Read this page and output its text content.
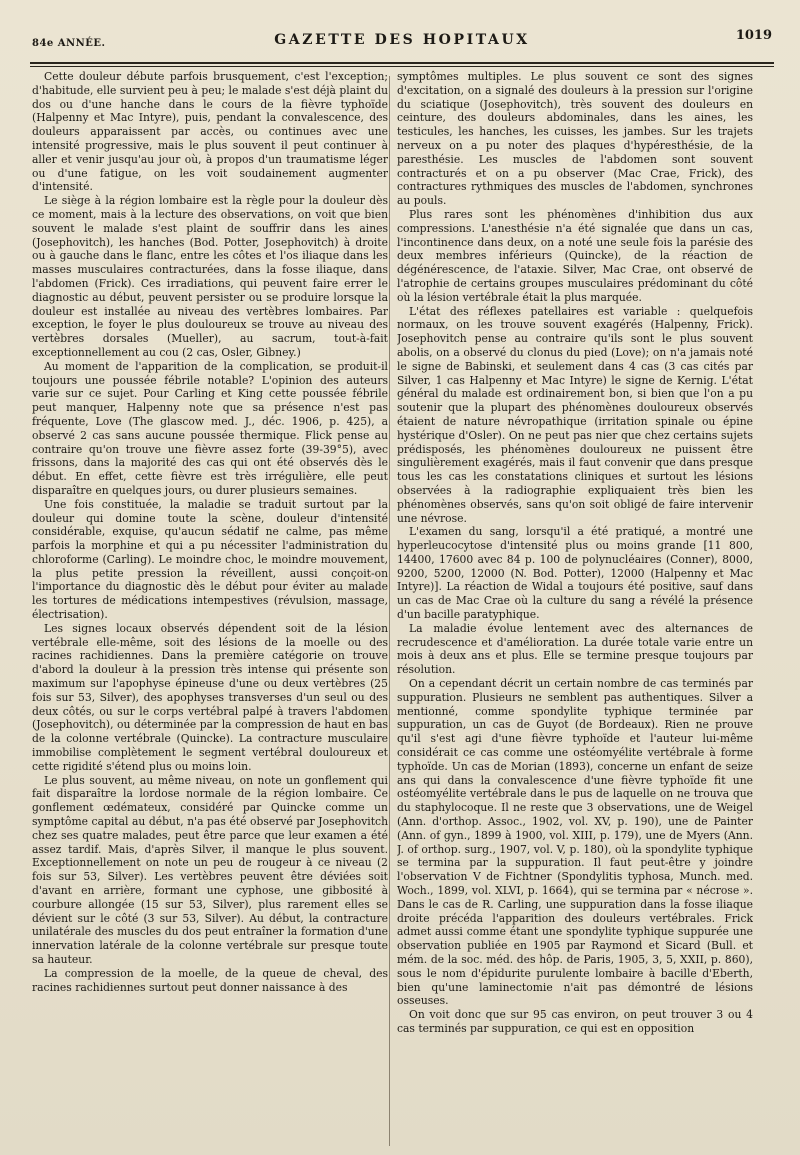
84e ANNÉE.	GAZETTE DES HOPITAUX	1019

Cette douleur débute parfois brusquement, c'est l'exception; d'habitude, elle survient peu à peu; le malade s'est déjà plaint du dos ou d'une hanche dans le cours de la fièvre typhoïde (Halpenny et Mac Intyre), puis, pendant la convalescence, des douleurs apparaissent par accès, ou continues avec une intensité progressive, mais le plus souvent il peut continuer à aller et venir jusqu'au jour où, à propos d'un traumatisme léger ou d'une fatigue, on les voit soudainement augmenter d'intensité.

Le siège à la région lombaire est la règle pour la douleur dès ce moment, mais à la lecture des observations, on voit que bien souvent le malade s'est plaint de souffrir dans les aines (Josephovitch), les hanches (Bod. Potter, Josephovitch) à droite ou à gauche dans le flanc, entre les côtes et l'os iliaque dans les masses musculaires contracturées, dans la fosse iliaque, dans l'abdomen (Frick). Ces irradiations, qui peuvent faire errer le diagnostic au début, peuvent persister ou se produire lorsque la douleur est installée au niveau des vertèbres lombaires. Par exception, le foyer le plus douloureux se trouve au niveau des vertèbres dorsales (Mueller), au sacrum, tout-à-fait exceptionnellement au cou (2 cas, Osler, Gibney.)

Au moment de l'apparition de la complication, se produit-il toujours une poussée fébrile notable? L'opinion des auteurs varie sur ce sujet. Pour Carling et King cette poussée fébrile peut manquer, Halpenny note que sa présence n'est pas fréquente, Love (The glascow med. J., déc. 1906, p. 425), a observé 2 cas sans aucune poussée thermique. Flick pense au contraire qu'on trouve une fièvre assez forte (39-39°5), avec frissons, dans la majorité des cas qui ont été observés dès le début. En effet, cette fièvre est très irrégulière, elle peut disparaître en quelques jours, ou durer plusieurs semaines.

Une fois constituée, la maladie se traduit surtout par la douleur qui domine toute la scène, douleur d'intensité considérable, exquise, qu'aucun sédatif ne calme, pas même parfois la morphine et qui a pu nécessiter l'administration du chloroforme (Carling). Le moindre choc, le moindre mouvement, la plus petite pression la réveillent, aussi conçoit-on l'importance du diagnostic dès le début pour éviter au malade les tortures de médications intempestives (révulsion, massage, électrisation).

Les signes locaux observés dépendent soit de la lésion vertébrale elle-même, soit des lésions de la moelle ou des racines rachidiennes. Dans la première catégorie on trouve d'abord la douleur à la pression très intense qui présente son maximum sur l'apophyse épineuse d'une ou deux vertèbres (25 fois sur 53, Silver), des apophyses transverses d'un seul ou des deux côtés, ou sur le corps vertébral palpé à travers l'abdomen (Josephovitch), ou déterminée par la compression de haut en bas de la colonne vertébrale (Quincke). La contracture musculaire immobilise complètement le segment vertébral douloureux et cette rigidité s'étend plus ou moins loin.

Le plus souvent, au même niveau, on note un gonflement qui fait disparaître la lordose normale de la région lombaire. Ce gonflement œdémateux, considéré par Quincke comme un symptôme capital au début, n'a pas été observé par Josephovitch chez ses quatre malades, peut être parce que leur examen a été assez tardif. Mais, d'après Silver, il manque le plus souvent. Exceptionnellement on note un peu de rougeur à ce niveau (2 fois sur 53, Silver). Les vertèbres peuvent être déviées soit d'avant en arrière, formant une cyphose, une gibbosité à courbure allongée (15 sur 53, Silver), plus rarement elles se dévient sur le côté (3 sur 53, Silver). Au début, la contracture unilatérale des muscles du dos peut entraîner la formation d'une innervation latérale de la colonne vertébrale sur presque toute sa hauteur.

La compression de la moelle, de la queue de cheval, des racines rachidiennes surtout peut donner naissance à des

symptômes multiples. Le plus souvent ce sont des signes d'excitation, on a signalé des douleurs à la pression sur l'origine du sciatique (Josephovitch), très souvent des douleurs en ceinture, des douleurs abdominales, dans les aines, les testicules, les hanches, les cuisses, les jambes. Sur les trajets nerveux on a pu noter des plaques d'hypéresthésie, de la paresthésie. Les muscles de l'abdomen sont souvent contracturés et on a pu observer (Mac Crae, Frick), des contractures rythmiques des muscles de l'abdomen, synchrones au pouls.

Plus rares sont les phénomènes d'inhibition dus aux compressions. L'anesthésie n'a été signalée que dans un cas, l'incontinence dans deux, on a noté une seule fois la parésie des deux membres inférieurs (Quincke), de la réaction de dégénérescence, de l'ataxie. Silver, Mac Crae, ont observé de l'atrophie de certains groupes musculaires prédominant du côté où la lésion vertébrale était la plus marquée.

L'état des réflexes patellaires est variable : quelquefois normaux, on les trouve souvent exagérés (Halpenny, Frick). Josephovitch pense au contraire qu'ils sont le plus souvent abolis, on a observé du clonus du pied (Love); on n'a jamais noté le signe de Babinski, et seulement dans 4 cas (3 cas cités par Silver, 1 cas Halpenny et Mac Intyre) le signe de Kernig. L'état général du malade est ordinairement bon, si bien que l'on a pu soutenir que la plupart des phénomènes douloureux observés étaient de nature névropathique (irritation spinale ou épine hystérique d'Osler). On ne peut pas nier que chez certains sujets prédisposés, les phénomènes douloureux ne puissent être singulièrement exagérés, mais il faut convenir que dans presque tous les cas les constatations cliniques et surtout les lésions observées à la radiographie expliquaient très bien les phénomènes observés, sans qu'on soit obligé de faire intervenir une névrose.

L'examen du sang, lorsqu'il a été pratiqué, a montré une hyperleucocytose d'intensité plus ou moins grande [11 800, 14400, 17600 avec 84 p. 100 de polynucléaires (Conner), 8000, 9200, 5200, 12000 (N. Bod. Potter), 12000 (Halpenny et Mac Intyre)]. La réaction de Widal a toujours été positive, sauf dans un cas de Mac Crae où la culture du sang a révélé la présence d'un bacille paratyphique.

La maladie évolue lentement avec des alternances de recrudescence et d'amélioration. La durée totale varie entre un mois à deux ans et plus. Elle se termine presque toujours par résolution.

On a cependant décrit un certain nombre de cas terminés par suppuration. Plusieurs ne semblent pas authentiques. Silver a mentionné, comme spondylite typhique terminée par suppuration, un cas de Guyot (de Bordeaux). Rien ne prouve qu'il s'est agi d'une fièvre typhoïde et l'auteur lui-même considérait ce cas comme une ostéomyélite vertébrale à forme typhoïde. Un cas de Morian (1893), concerne un enfant de seize ans qui dans la convalescence d'une fièvre typhoïde fit une ostéomyélite vertébrale dans le pus de laquelle on ne trouva que du staphylocoque. Il ne reste que 3 observations, une de Weigel (Ann. d'orthop. Assoc., 1902, vol. XV, p. 190), une de Painter (Ann. of gyn., 1899 à 1900, vol. XIII, p. 179), une de Myers (Ann. J. of orthop. surg., 1907, vol. V, p. 180), où la spondylite typhique se termina par la suppuration. Il faut peut-être y joindre l'observation V de Fichtner (Spondylitis typhosa, Munch. med. Woch., 1899, vol. XLVI, p. 1664), qui se termina par « nécrose ». Dans le cas de R. Carling, une suppuration dans la fosse iliaque droite précéda l'apparition des douleurs vertébrales. Frick admet aussi comme étant une spondylite typhique suppurée une observation publiée en 1905 par Raymond et Sicard (Bull. et mém. de la soc. méd. des hôp. de Paris, 1905, 3, 5, XXII, p. 860), sous le nom d'épidurite purulente lombaire à bacille d'Eberth, bien qu'une laminectomie n'ait pas démontré de lésions osseuses.

On voit donc que sur 95 cas environ, on peut trouver 3 ou 4 cas terminés par suppuration, ce qui est en opposition
